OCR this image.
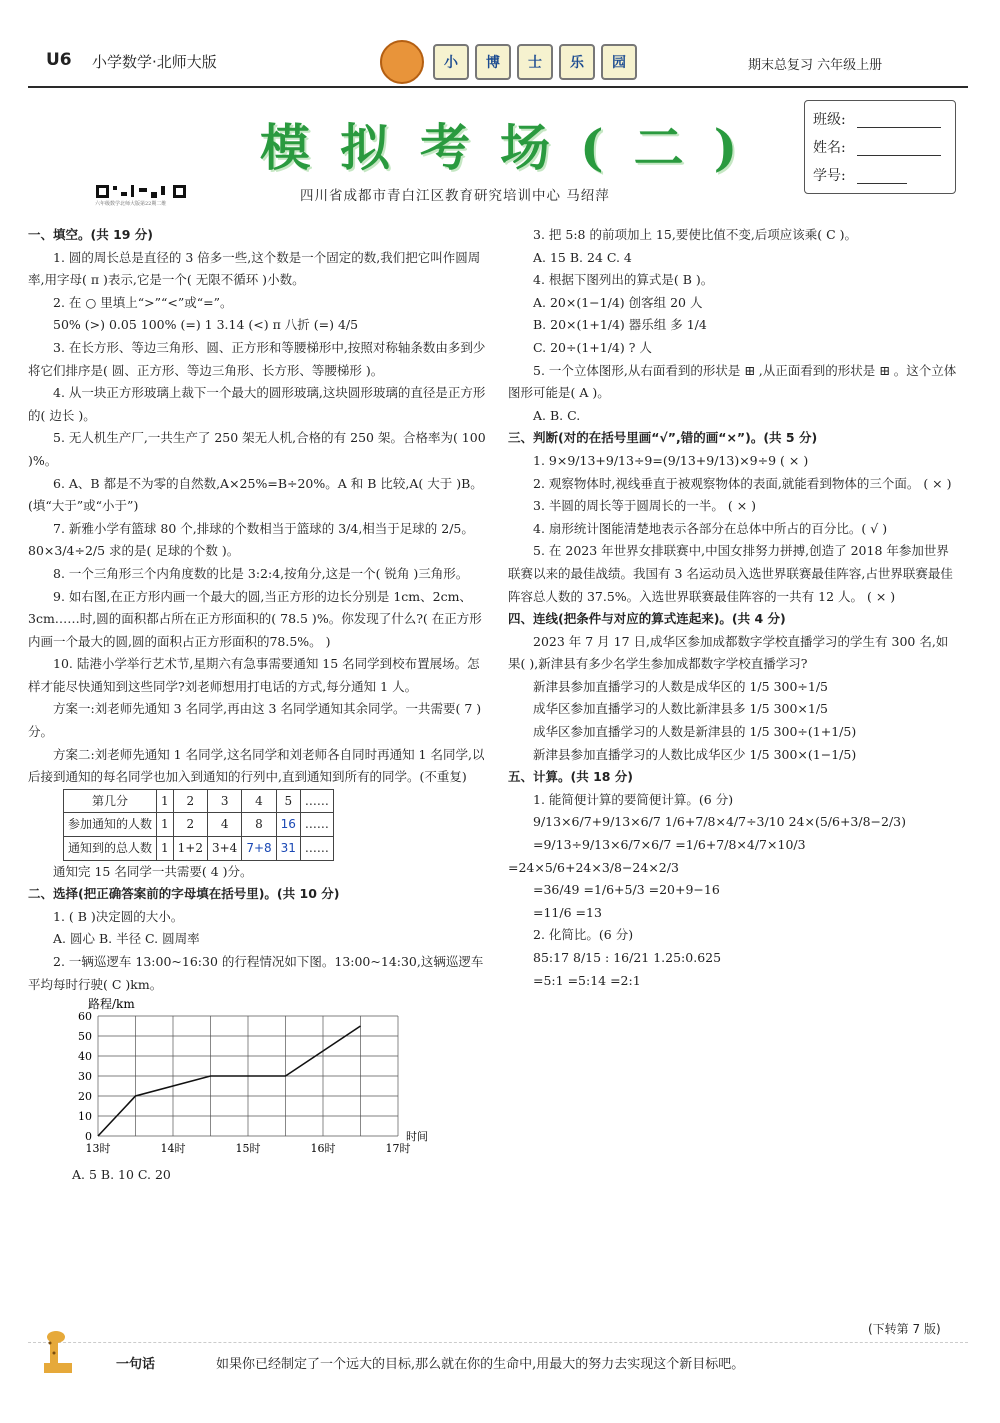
U6 小学数学·北师大版	小	博	士	乐	园	期末总复习 六年级上册
六年级数学北师大版第22期二维
模拟考场(二)
四川省成都市青白江区教育研究培训中心 马绍萍
班级:
姓名:
学号:

一、填空。(共 19 分)

1. 圆的周长总是直径的 3 倍多一些,这个数是一个固定的数,我们把它叫作圆周率,用字母( π )表示,它是一个( 无限不循环 )小数。

2. 在 ○ 里填上“>”“<”或“=”。

50% (>) 0.05 100% (=) 1 3.14 (<) π 八折 (=) 4/5

3. 在长方形、等边三角形、圆、正方形和等腰梯形中,按照对称轴条数由多到少将它们排序是( 圆、正方形、等边三角形、长方形、等腰梯形 )。

4. 从一块正方形玻璃上裁下一个最大的圆形玻璃,这块圆形玻璃的直径是正方形的( 边长 )。

5. 无人机生产厂,一共生产了 250 架无人机,合格的有 250 架。合格率为( 100 )%。

6. A、B 都是不为零的自然数,A×25%=B÷20%。A 和 B 比较,A( 大于 )B。(填“大于”或“小于”)

7. 新雅小学有篮球 80 个,排球的个数相当于篮球的 3/4,相当于足球的 2/5。80×3/4÷2/5 求的是( 足球的个数 )。

8. 一个三角形三个内角度数的比是 3:2:4,按角分,这是一个( 锐角 )三角形。

9. 如右图,在正方形内画一个最大的圆,当正方形的边长分别是 1cm、2cm、3cm……时,圆的面积都占所在正方形面积的( 78.5 )%。你发现了什么?( 在正方形内画一个最大的圆,圆的面积占正方形面积的78.5%。 )

10. 陆港小学举行艺术节,星期六有急事需要通知 15 名同学到校布置展场。怎样才能尽快通知到这些同学?刘老师想用打电话的方式,每分通知 1 人。

方案一:刘老师先通知 3 名同学,再由这 3 名同学通知其余同学。一共需要( 7 )分。

方案二:刘老师先通知 1 名同学,这名同学和刘老师各自同时再通知 1 名同学,以后接到通知的每名同学也加入到通知的行列中,直到通知到所有的同学。(不重复)

第几分	1	2	3	4	5	……
参加通知的人数	1	2	4	8	16	……
通知到的总人数	1	1+2	3+4	7+8	31	……

通知完 15 名同学一共需要( 4 )分。

二、选择(把正确答案前的字母填在括号里)。(共 10 分)

1. ( B )决定圆的大小。

A. 圆心 B. 半径 C. 圆周率

2. 一辆巡逻车 13:00~16:30 的行程情况如下图。13:00~14:30,这辆巡逻车平均每时行驶( C )km。

0
10
20
30
40
50
60
13时	14时	15时	16时	17时
路程/km
时间

A. 5 B. 10 C. 20

3. 把 5:8 的前项加上 15,要使比值不变,后项应该乘( C )。

A. 15 B. 24 C. 4

4. 根据下图列出的算式是( B )。

A. 20×(1−1/4) 创客组 20 人

B. 20×(1+1/4) 器乐组 多 1/4

C. 20÷(1+1/4) ? 人

5. 一个立体图形,从右面看到的形状是 ⊞ ,从正面看到的形状是 ⊞ 。这个立体图形可能是( A )。

A. B. C.

三、判断(对的在括号里画“√”,错的画“×”)。(共 5 分)

1. 9×9/13+9/13÷9=(9/13+9/13)×9÷9 ( × )

2. 观察物体时,视线垂直于被观察物体的表面,就能看到物体的三个面。 ( × )

3. 半圆的周长等于圆周长的一半。 ( × )

4. 扇形统计图能清楚地表示各部分在总体中所占的百分比。( √ )

5. 在 2023 年世界女排联赛中,中国女排努力拼搏,创造了 2018 年参加世界联赛以来的最佳战绩。我国有 3 名运动员入选世界联赛最佳阵容,占世界联赛最佳阵容总人数的 37.5%。入选世界联赛最佳阵容的一共有 12 人。 ( × )

四、连线(把条件与对应的算式连起来)。(共 4 分)

2023 年 7 月 17 日,成华区参加成都数字学校直播学习的学生有 300 名,如果( ),新津县有多少名学生参加成都数字学校直播学习?

新津县参加直播学习的人数是成华区的 1/5 300÷1/5

成华区参加直播学习的人数比新津县多 1/5 300×1/5

成华区参加直播学习的人数是新津县的 1/5 300÷(1+1/5)

新津县参加直播学习的人数比成华区少 1/5 300×(1−1/5)

五、计算。(共 18 分)

1. 能简便计算的要简便计算。(6 分)

9/13×6/7+9/13×6/7 1/6+7/8×4/7÷3/10 24×(5/6+3/8−2/3)

=9/13÷9/13×6/7×6/7 =1/6+7/8×4/7×10/3 =24×5/6+24×3/8−24×2/3

=36/49 =1/6+5/3 =20+9−16

=11/6 =13

2. 化简比。(6 分)

85:17 8/15 : 16/21 1.25:0.625

=5:1 =5:14 =2:1

(下转第 7 版)
一句话	如果你已经制定了一个远大的目标,那么就在你的生命中,用最大的努力去实现这个新目标吧。
